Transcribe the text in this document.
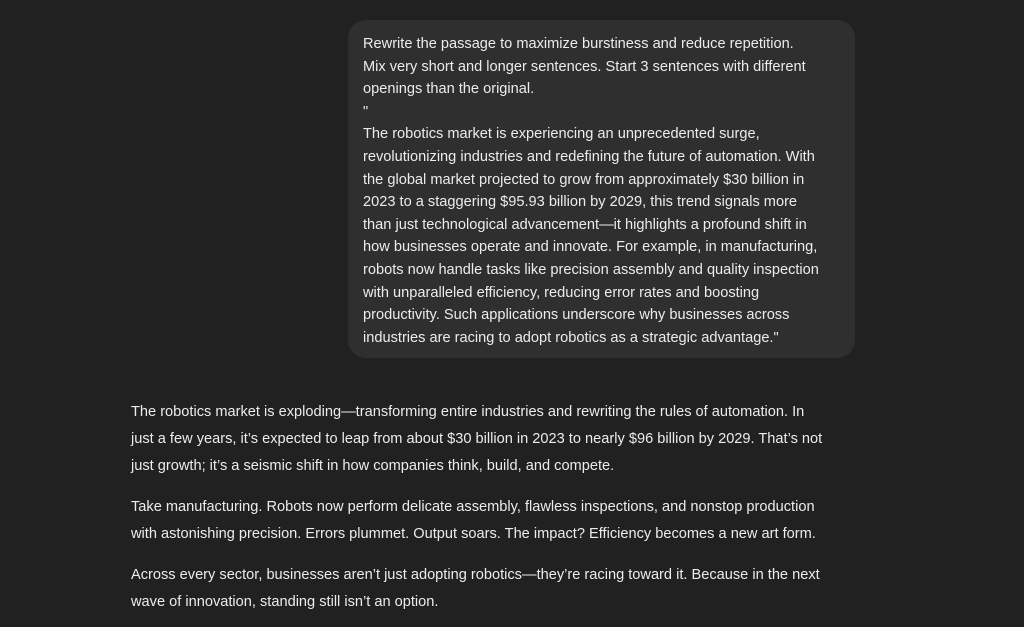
Rewrite the passage to maximize burstiness and reduce repetition.
Mix very short and longer sentences. Start 3 sentences with different
openings than the original.
"
The robotics market is experiencing an unprecedented surge,
revolutionizing industries and redefining the future of automation. With
the global market projected to grow from approximately $30 billion in
2023 to a staggering $95.93 billion by 2029, this trend signals more
than just technological advancement—it highlights a profound shift in
how businesses operate and innovate. For example, in manufacturing,
robots now handle tasks like precision assembly and quality inspection
with unparalleled efficiency, reducing error rates and boosting
productivity. Such applications underscore why businesses across
industries are racing to adopt robotics as a strategic advantage."

The robotics market is exploding—transforming entire industries and rewriting the rules of automation. In
just a few years, it’s expected to leap from about $30 billion in 2023 to nearly $96 billion by 2029. That’s not
just growth; it’s a seismic shift in how companies think, build, and compete.

Take manufacturing. Robots now perform delicate assembly, flawless inspections, and nonstop production
with astonishing precision. Errors plummet. Output soars. The impact? Efficiency becomes a new art form.

Across every sector, businesses aren’t just adopting robotics—they’re racing toward it. Because in the next
wave of innovation, standing still isn’t an option.
